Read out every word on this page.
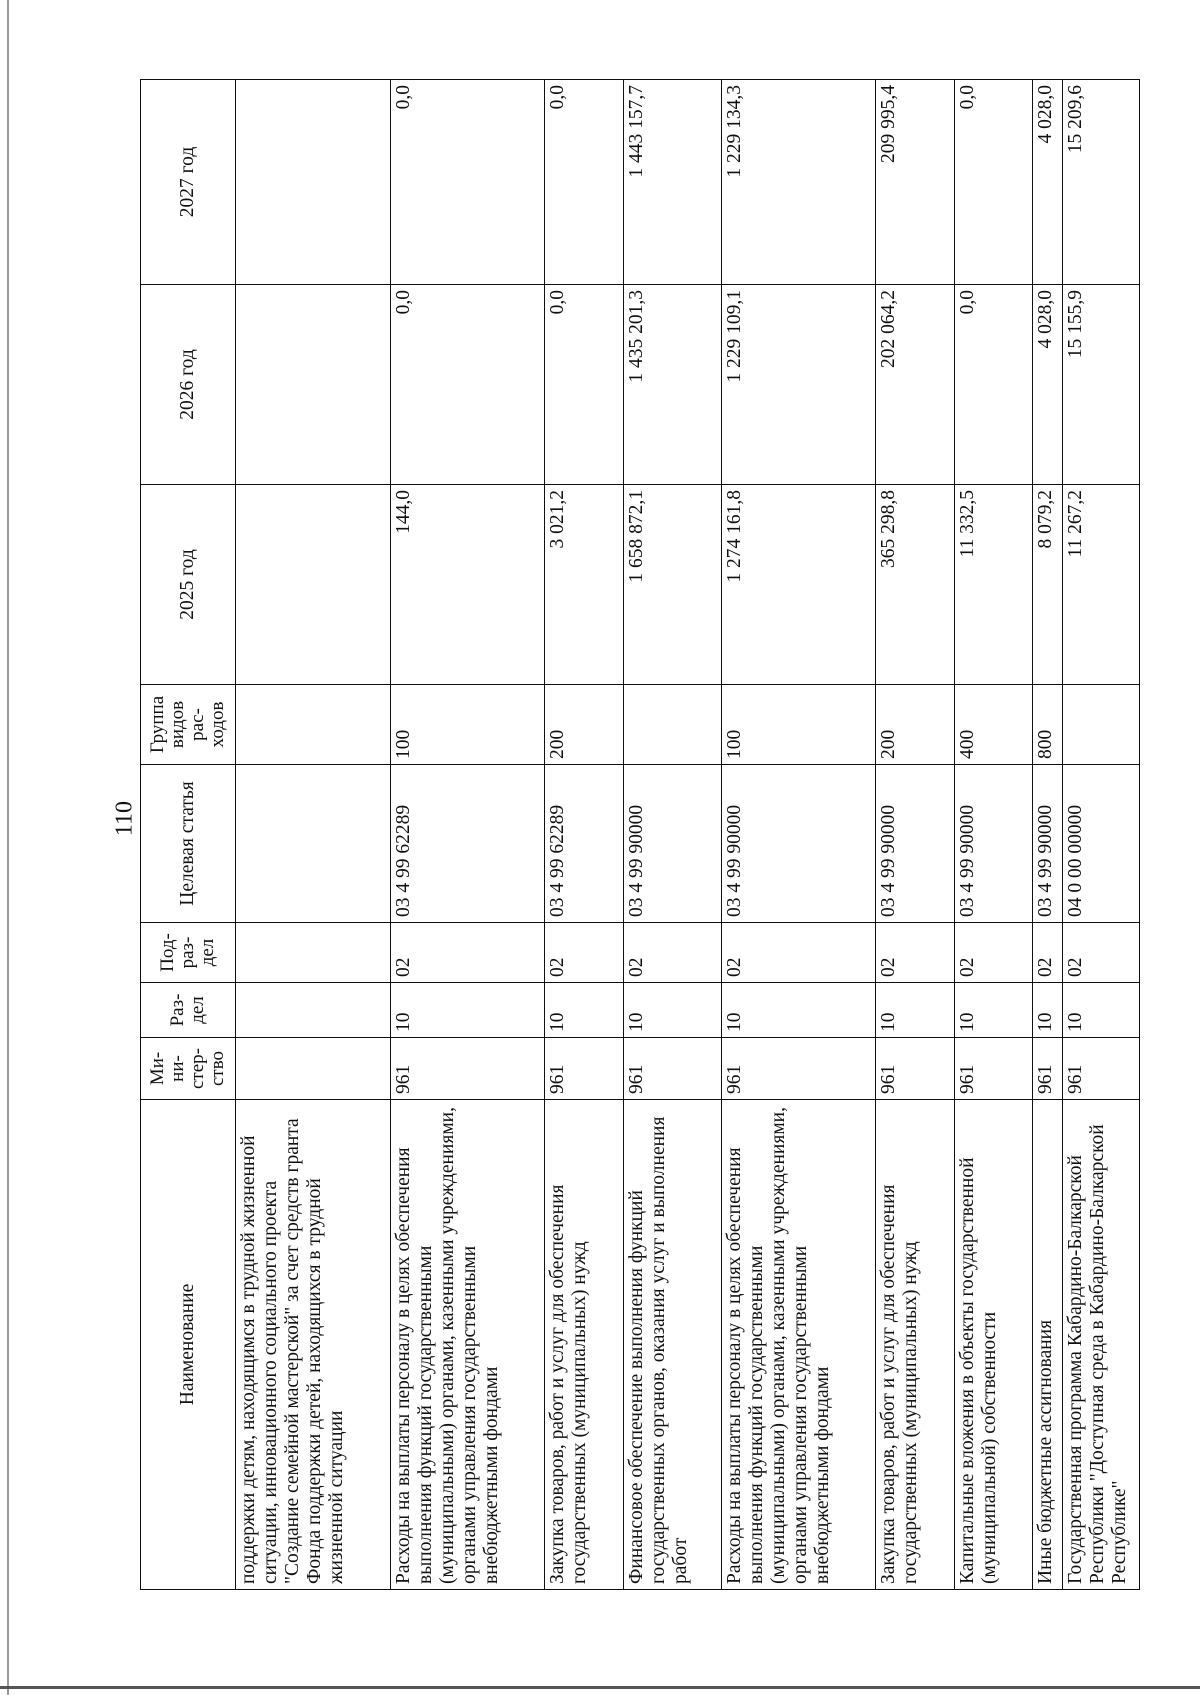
110
Наименование	Ми-
ни-
стер-
ство	Раз-
дел	Под-
раз-
дел	Целевая статья	Группа
видов
рас-
ходов	2025 год	2026 год	2027 год
поддержки детям, находящимся в трудной жизненной ситуации, инновационного социального проекта "Создание семейной мастерской" за счет средств гранта Фонда поддержки детей, находящихся в трудной жизненной ситуации								
Расходы на выплаты персоналу в целях обеспечения выполнения функций государственными (муниципальными) органами, казенными учреждениями, органами управления государственными внебюджетными фондами	961	10	02	03 4 99 62289	100	144,0	0,0	0,0
Закупка товаров, работ и услуг для обеспечения государственных (муниципальных) нужд	961	10	02	03 4 99 62289	200	3 021,2	0,0	0,0
Финансовое обеспечение выполнения функций государственных органов, оказания услуг и выполнения работ	961	10	02	03 4 99 90000		1 658 872,1	1 435 201,3	1 443 157,7
Расходы на выплаты персоналу в целях обеспечения выполнения функций государственными (муниципальными) органами, казенными учреждениями, органами управления государственными внебюджетными фондами	961	10	02	03 4 99 90000	100	1 274 161,8	1 229 109,1	1 229 134,3
Закупка товаров, работ и услуг для обеспечения государственных (муниципальных) нужд	961	10	02	03 4 99 90000	200	365 298,8	202 064,2	209 995,4
Капитальные вложения в объекты государственной (муниципальной) собственности	961	10	02	03 4 99 90000	400	11 332,5	0,0	0,0
Иные бюджетные ассигнования	961	10	02	03 4 99 90000	800	8 079,2	4 028,0	4 028,0
Государственная программа Кабардино-Балкарской Республики "Доступная среда в Кабардино-Балкарской Республике"	961	10	02	04 0 00 00000		11 267,2	15 155,9	15 209,6
